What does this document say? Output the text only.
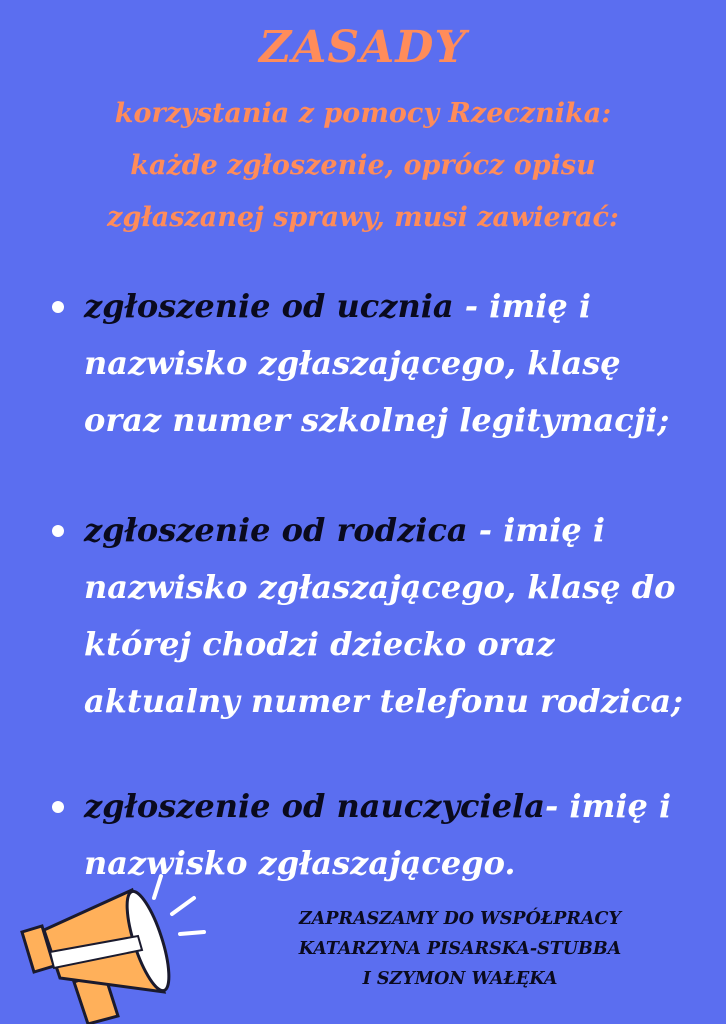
ZASADY
korzystania z pomocy Rzecznika:
każde zgłoszenie, oprócz opisu
zgłaszanej sprawy, musi zawierać:
zgłoszenie od ucznia - imię i nazwisko zgłaszającego, klasę oraz numer szkolnej legitymacji;
zgłoszenie od rodzica - imię i nazwisko zgłaszającego, klasę do której chodzi dziecko oraz aktualny numer telefonu rodzica;
zgłoszenie od nauczyciela- imię i nazwisko zgłaszającego.
ZAPRASZAMY DO WSPÓŁPRACY
KATARZYNA PISARSKA-STUBBA
I SZYMON WAŁĘKA
